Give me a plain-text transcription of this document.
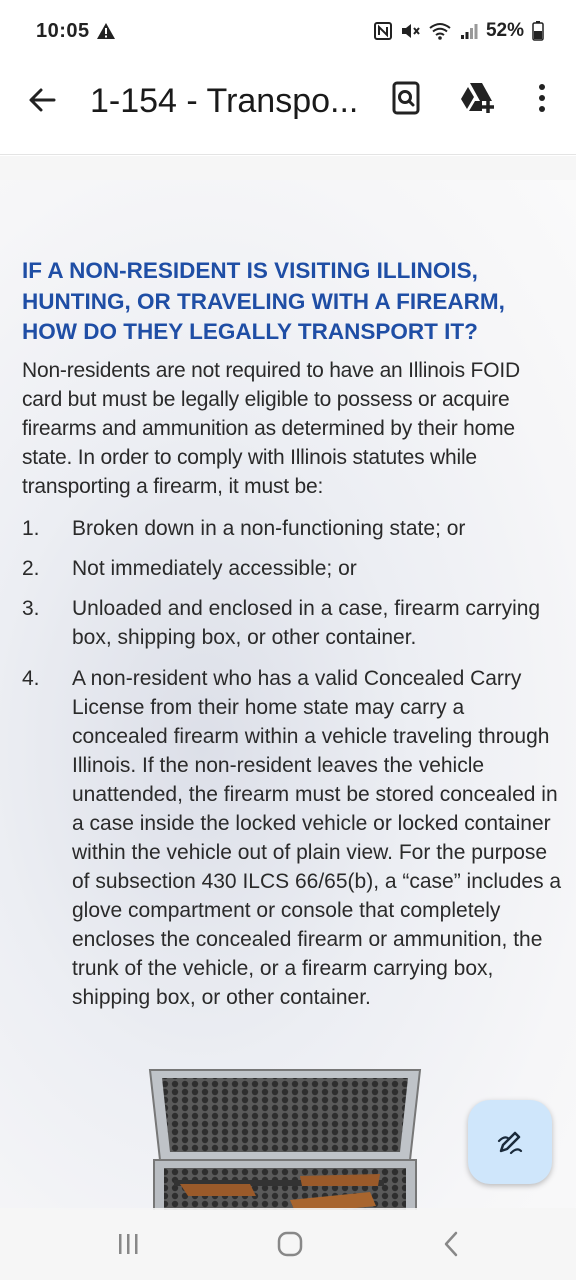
10:05	52%
1-154 - Transpo...
IF A NON-RESIDENT IS VISITING ILLINOIS, HUNTING, OR TRAVELING WITH A FIREARM, HOW DO THEY LEGALLY TRANSPORT IT?
Non-residents are not required to have an Illinois FOID card but must be legally eligible to possess or acquire firearms and ammunition as determined by their home state. In order to comply with Illinois statutes while transporting a firearm, it must be:
1. Broken down in a non-functioning state; or
2. Not immediately accessible; or
3. Unloaded and enclosed in a case, firearm carrying box, shipping box, or other container.
4. A non-resident who has a valid Concealed Carry License from their home state may carry a concealed firearm within a vehicle traveling through Illinois. If the non-resident leaves the vehicle unattended, the firearm must be stored concealed in a case inside the locked vehicle or locked container within the vehicle out of plain view. For the purpose of subsection 430 ILCS 66/65(b), a “case” includes a glove compartment or console that completely encloses the concealed firearm or ammunition, the trunk of the vehicle, or a firearm carrying box, shipping box, or other container.
